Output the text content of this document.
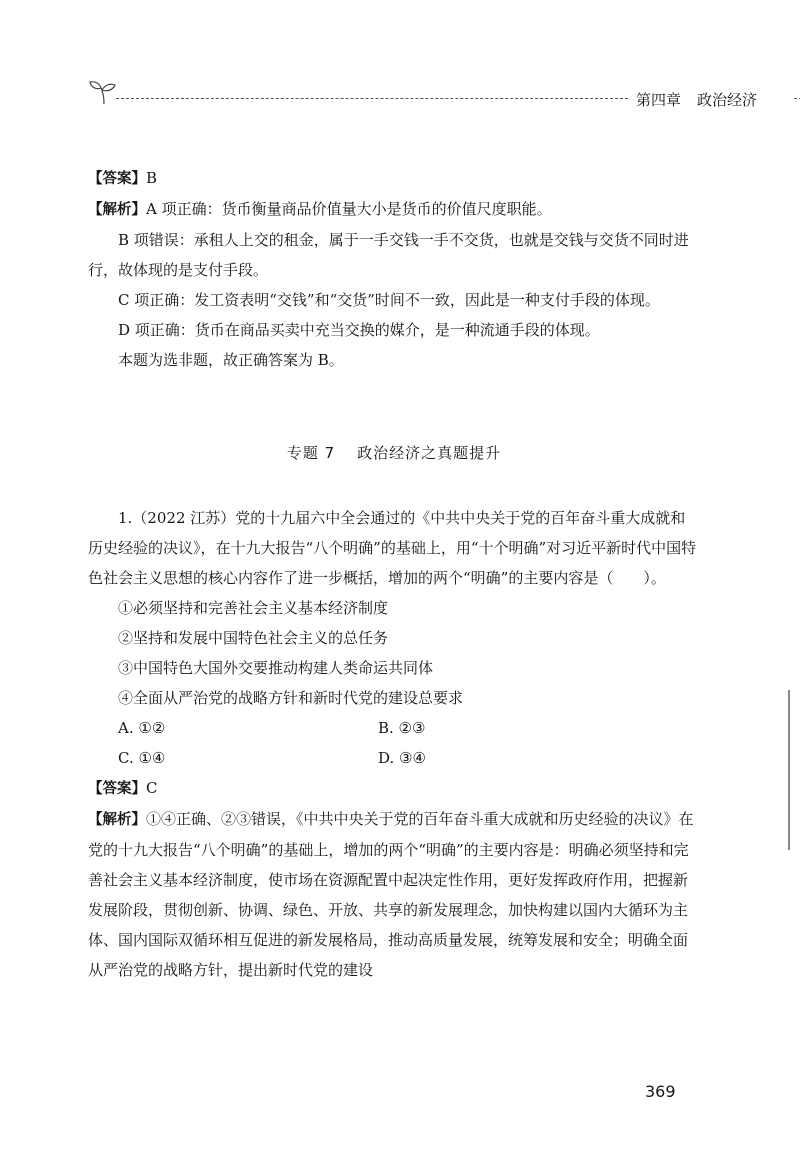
第四章 政治经济

【答案】B

【解析】A 项正确：货币衡量商品价值量大小是货币的价值尺度职能。

B 项错误：承租人上交的租金，属于一手交钱一手不交货，也就是交钱与交货不同时进行，故体现的是支付手段。

C 项正确：发工资表明“交钱”和“交货”时间不一致，因此是一种支付手段的体现。

D 项正确：货币在商品买卖中充当交换的媒介，是一种流通手段的体现。

本题为选非题，故正确答案为 B。

专题 7 政治经济之真题提升

1.（2022 江苏）党的十九届六中全会通过的《中共中央关于党的百年奋斗重大成就和历史经验的决议》，在十九大报告“八个明确”的基础上，用“十个明确”对习近平新时代中国特色社会主义思想的核心内容作了进一步概括，增加的两个“明确”的主要内容是（　　）。

①必须坚持和完善社会主义基本经济制度

②坚持和发展中国特色社会主义的总任务

③中国特色大国外交要推动构建人类命运共同体

④全面从严治党的战略方针和新时代党的建设总要求

A. ①②	B. ②③
C. ①④	D. ③④

【答案】C

【解析】①④正确、②③错误，《中共中央关于党的百年奋斗重大成就和历史经验的决议》在党的十九大报告“八个明确”的基础上，增加的两个“明确”的主要内容是：明确必须坚持和完善社会主义基本经济制度，使市场在资源配置中起决定性作用，更好发挥政府作用，把握新发展阶段，贯彻创新、协调、绿色、开放、共享的新发展理念，加快构建以国内大循环为主体、国内国际双循环相互促进的新发展格局，推动高质量发展，统筹发展和安全；明确全面从严治党的战略方针，提出新时代党的建设

369
